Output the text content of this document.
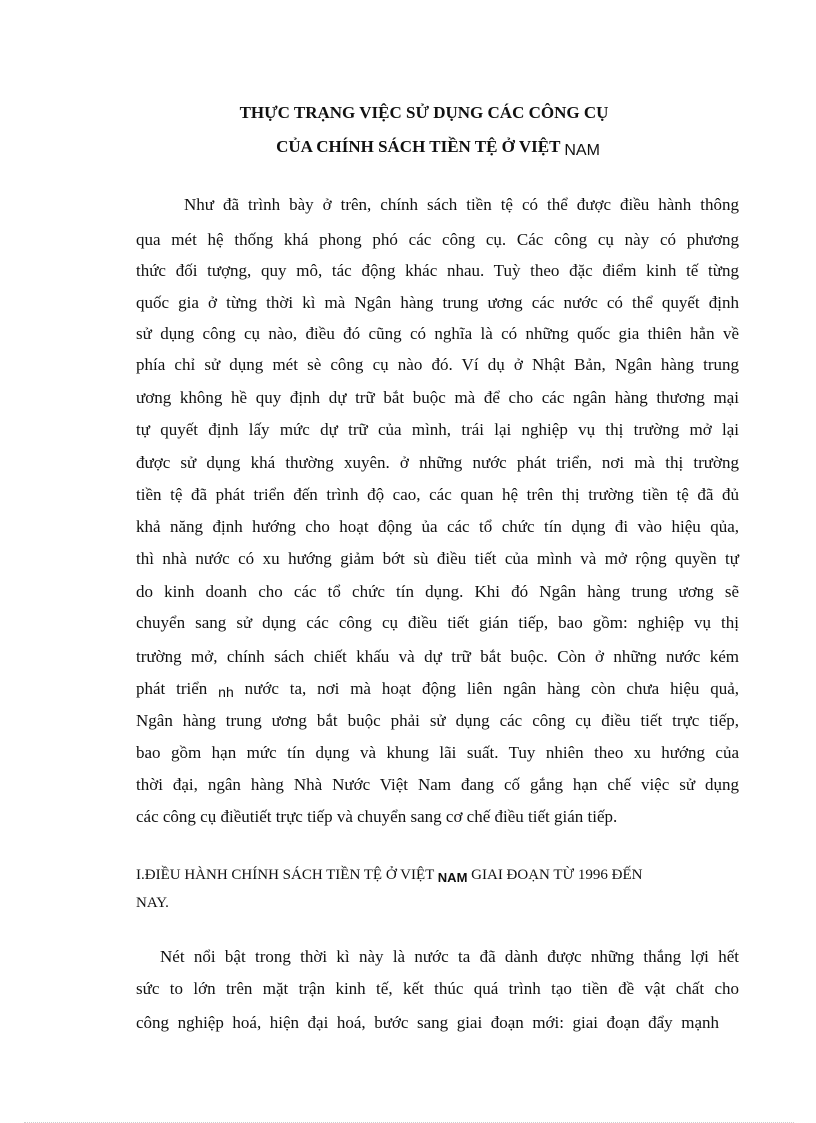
THỰC TRẠNG VIỆC SỬ DỤNG CÁC CÔNG CỤ
CỦA CHÍNH SÁCH TIỀN TỆ Ở VIỆT NAM
Như đã trình bày ở trên, chính sách tiền tệ có thể được điều hành thông
qua mét hệ thống khá phong phó các công cụ. Các công cụ này có phương
thức đối tượng, quy mô, tác động khác nhau. Tuỳ theo đặc điểm kinh tế từng
quốc gia ở từng thời kì mà Ngân hàng trung ương các nước có thể quyết định
sử dụng công cụ nào, điều đó cũng có nghĩa là có những quốc gia thiên hẳn về
phía chỉ sử dụng mét sè công cụ nào đó. Ví dụ ở Nhật Bản, Ngân hàng trung
ương không hề quy định dự trữ bắt buộc mà để cho các ngân hàng thương mại
tự quyết định lấy mức dự trữ của mình, trái lại nghiệp vụ thị trường mở lại
được sử dụng khá thường xuyên. ở những nước phát triển, nơi mà thị trường
tiền tệ đã phát triển đến trình độ cao, các quan hệ trên thị trường tiền tệ đã đủ
khả năng định hướng cho hoạt động ủa các tổ chức tín dụng đi vào hiệu qủa,
thì nhà nước có xu hướng giảm bớt sù điều tiết của mình và mở rộng quyền tự
do kinh doanh cho các tổ chức tín dụng. Khi đó Ngân hàng trung ương sẽ
chuyển sang sử dụng các công cụ điều tiết gián tiếp, bao gồm: nghiệp vụ thị
trường mở, chính sách chiết khấu và dự trữ bắt buộc. Còn ở những nước kém
phát triển nh nước ta, nơi mà hoạt động liên ngân hàng còn chưa hiệu quả,
Ngân hàng trung ương bắt buộc phải sử dụng các công cụ điều tiết trực tiếp,
bao gồm hạn mức tín dụng và khung lãi suất. Tuy nhiên theo xu hướng của
thời đại, ngân hàng Nhà Nước Việt Nam đang cố gắng hạn chế việc sử dụng
các công cụ điềutiết trực tiếp và chuyển sang cơ chế điều tiết gián tiếp.
I.ĐIỀU HÀNH CHÍNH SÁCH TIỀN TỆ Ở VIỆT NAM GIAI ĐOẠN TỪ 1996 ĐẾN
NAY.
Nét nổi bật trong thời kì này là nước ta đã dành được những thắng lợi hết
sức to lớn trên mặt trận kinh tế, kết thúc quá trình tạo tiền đề vật chất cho
công nghiệp hoá, hiện đại hoá, bước sang giai đoạn mới: giai đoạn đẩy mạnh
